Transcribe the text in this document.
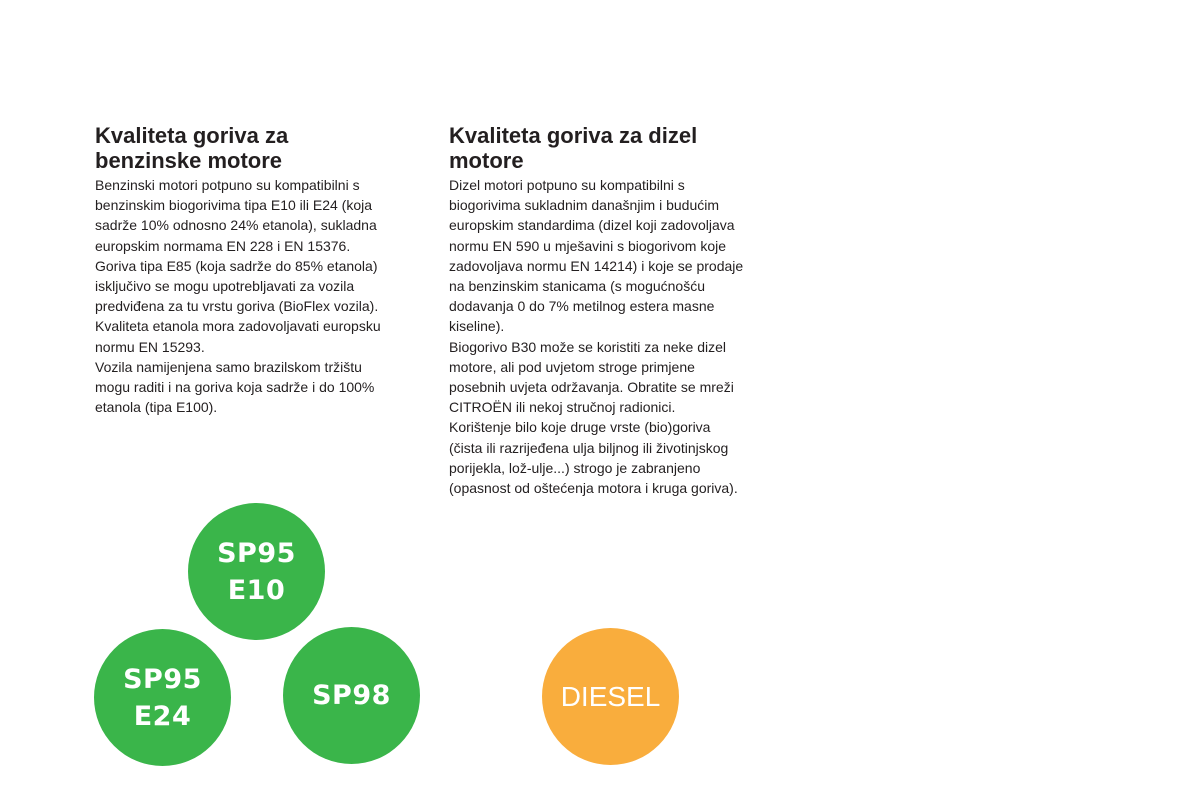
Kvaliteta goriva za
benzinske motore

Benzinski motori potpuno su kompatibilni s
benzinskim biogorivima tipa E10 ili E24 (koja
sadrže 10% odnosno 24% etanola), sukladna
europskim normama EN 228 i EN 15376.

Goriva tipa E85 (koja sadrže do 85% etanola)
isključivo se mogu upotrebljavati za vozila
predviđena za tu vrstu goriva (BioFlex vozila).
Kvaliteta etanola mora zadovoljavati europsku
normu EN 15293.

Vozila namijenjena samo brazilskom tržištu
mogu raditi i na goriva koja sadrže i do 100%
etanola (tipa E100).

Kvaliteta goriva za dizel
motore

Dizel motori potpuno su kompatibilni s
biogorivima sukladnim današnjim i budućim
europskim standardima (dizel koji zadovoljava
normu EN 590 u mješavini s biogorivom koje
zadovoljava normu EN 14214) i koje se prodaje
na benzinskim stanicama (s mogućnošću
dodavanja 0 do 7% metilnog estera masne
kiseline).

Biogorivo B30 može se koristiti za neke dizel
motore, ali pod uvjetom stroge primjene
posebnih uvjeta održavanja. Obratite se mreži
CITROËN ili nekoj stručnoj radionici.

Korištenje bilo koje druge vrste (bio)goriva
(čista ili razrijeđena ulja biljnog ili životinjskog
porijekla, lož-ulje...) strogo je zabranjeno
(opasnost od oštećenja motora i kruga goriva).

SP95
E10
SP95
E24
SP98	DIESEL
